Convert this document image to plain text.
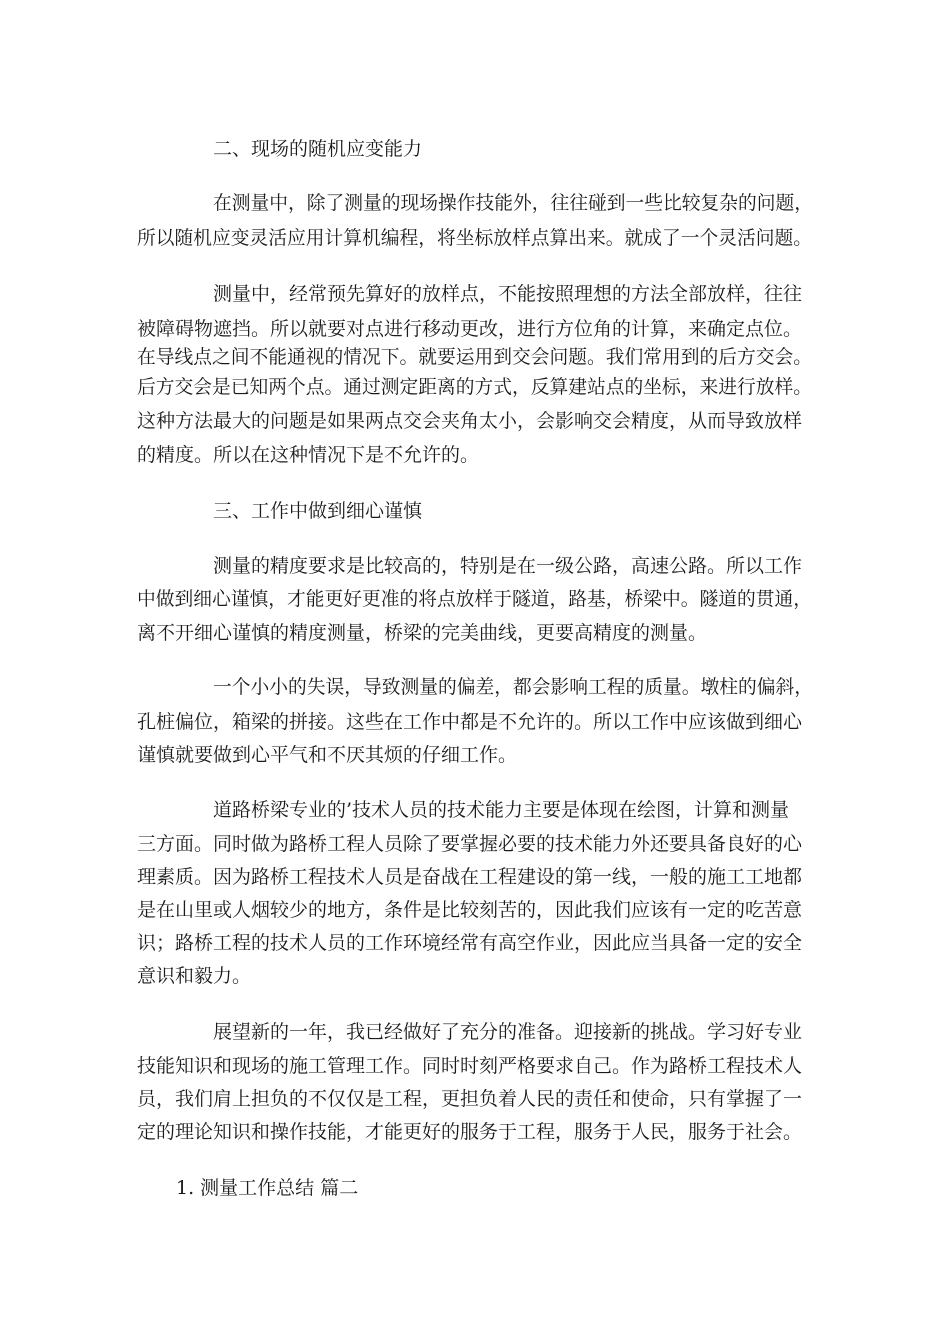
二、现场的随机应变能力
在测量中，除了测量的现场操作技能外，往往碰到一些比较复杂的问题，
所以随机应变灵活应用计算机编程，将坐标放样点算出来。就成了一个灵活问题。
测量中，经常预先算好的放样点，不能按照理想的方法全部放样，往往
被障碍物遮挡。所以就要对点进行移动更改，进行方位角的计算，来确定点位。
在导线点之间不能通视的情况下。就要运用到交会问题。我们常用到的后方交会。
后方交会是已知两个点。通过测定距离的方式，反算建站点的坐标，来进行放样。
这种方法最大的问题是如果两点交会夹角太小，会影响交会精度，从而导致放样
的精度。所以在这种情况下是不允许的。
三、工作中做到细心谨慎
测量的精度要求是比较高的，特别是在一级公路，高速公路。所以工作
中做到细心谨慎，才能更好更准的将点放样于隧道，路基，桥梁中。隧道的贯通，
离不开细心谨慎的精度测量，桥梁的完美曲线，更要高精度的测量。
一个小小的失误，导致测量的偏差，都会影响工程的质量。墩柱的偏斜，
孔桩偏位，箱梁的拼接。这些在工作中都是不允许的。所以工作中应该做到细心
谨慎就要做到心平气和不厌其烦的仔细工作。
道路桥梁专业的’技术人员的技术能力主要是体现在绘图，计算和测量
三方面。同时做为路桥工程人员除了要掌握必要的技术能力外还要具备良好的心
理素质。因为路桥工程技术人员是奋战在工程建设的第一线，一般的施工工地都
是在山里或人烟较少的地方，条件是比较刻苦的，因此我们应该有一定的吃苦意
识；路桥工程的技术人员的工作环境经常有高空作业，因此应当具备一定的安全
意识和毅力。
展望新的一年，我已经做好了充分的准备。迎接新的挑战。学习好专业
技能知识和现场的施工管理工作。同时时刻严格要求自己。作为路桥工程技术人
员，我们肩上担负的不仅仅是工程，更担负着人民的责任和使命，只有掌握了一
定的理论知识和操作技能，才能更好的服务于工程，服务于人民，服务于社会。
1. 测量工作总结 篇二
